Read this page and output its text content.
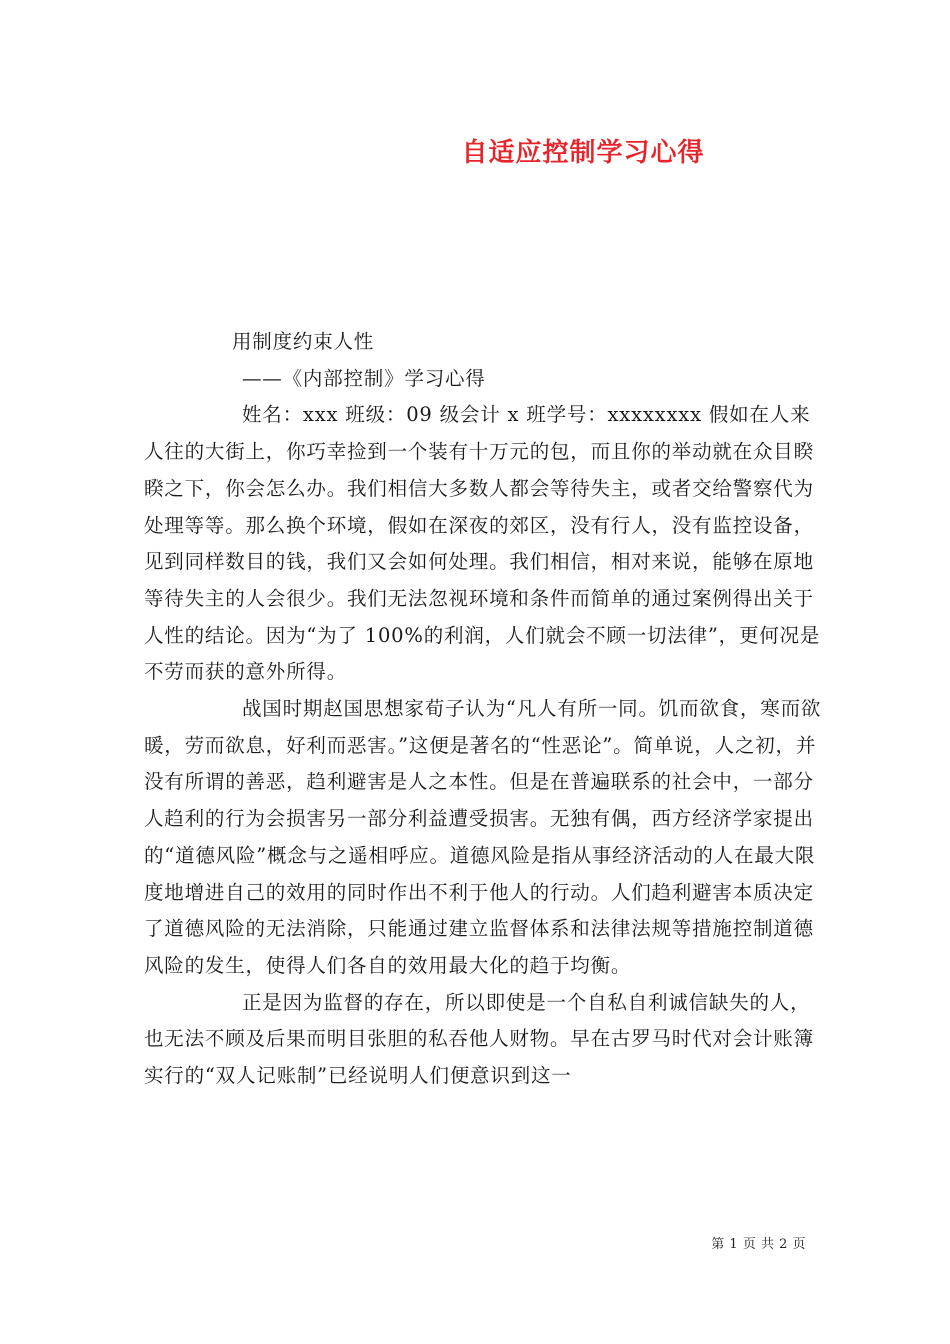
自适应控制学习心得

用制度约束人性

——《内部控制》学习心得

姓名：xxx 班级：09 级会计 x 班学号：xxxxxxxx 假如在人来人往的大街上，你巧幸捡到一个装有十万元的包，而且你的举动就在众目睽睽之下，你会怎么办。我们相信大多数人都会等待失主，或者交给警察代为处理等等。那么换个环境，假如在深夜的郊区，没有行人，没有监控设备，见到同样数目的钱，我们又会如何处理。我们相信，相对来说，能够在原地等待失主的人会很少。我们无法忽视环境和条件而简单的通过案例得出关于人性的结论。因为“为了 100%的利润，人们就会不顾一切法律”，更何况是不劳而获的意外所得。

战国时期赵国思想家荀子认为“凡人有所一同。饥而欲食，寒而欲暖，劳而欲息，好利而恶害。”这便是著名的“性恶论”。简单说，人之初，并没有所谓的善恶，趋利避害是人之本性。但是在普遍联系的社会中，一部分人趋利的行为会损害另一部分利益遭受损害。无独有偶，西方经济学家提出的“道德风险”概念与之遥相呼应。道德风险是指从事经济活动的人在最大限度地增进自己的效用的同时作出不利于他人的行动。人们趋利避害本质决定了道德风险的无法消除，只能通过建立监督体系和法律法规等措施控制道德风险的发生，使得人们各自的效用最大化的趋于均衡。

正是因为监督的存在，所以即使是一个自私自利诚信缺失的人，也无法不顾及后果而明目张胆的私吞他人财物。早在古罗马时代对会计账簿实行的“双人记账制”已经说明人们便意识到这一

第 1 页 共 2 页
